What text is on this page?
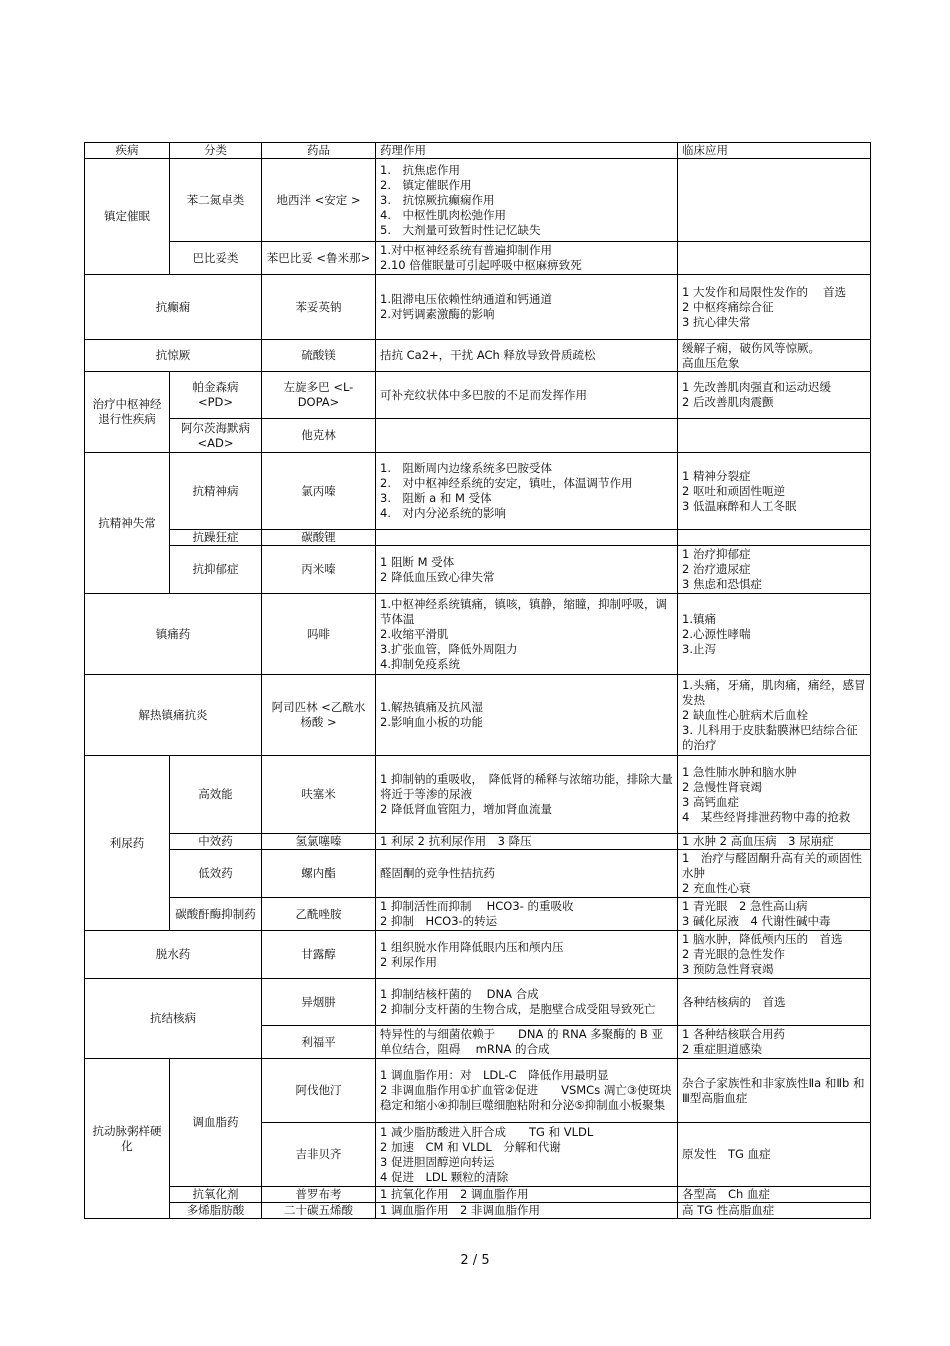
疾病	分类	药品	药理作用	临床应用
镇定催眠	苯二氮卓类	地西泮 <安定 >	1.　抗焦虑作用
2.　镇定催眠作用
3.　抗惊厥抗癫痫作用
4.　中枢性肌肉松弛作用
5.　大剂量可致暂时性记忆缺失	

	巴比妥类	苯巴比妥 <鲁米那>	1.对中枢神经系统有普遍抑制作用
2.10 倍催眠量可引起呼吸中枢麻痹致死	

抗癫痫		苯妥英钠	1.阻滞电压依赖性纳通道和钙通道
2.对钙调素激酶的影响	1 大发作和局限性发作的　 首选
2 中枢疼痛综合征
3 抗心律失常

抗惊厥		硫酸镁	拮抗 Ca2+，干扰 ACh 释放导致骨质疏松	缓解子痫，破伤风等惊厥。
高血压危象

治疗中枢神经退行性疾病	帕金森病 <PD>	左旋多巴 <L-DOPA>	可补充纹状体中多巴胺的不足而发挥作用	1 先改善肌肉强直和运动迟缓
2 后改善肌肉震颤

	阿尔茨海默病<AD>	他克林		
抗精神失常	抗精神病	氯丙嗪	1.　阻断周内边缘系统多巴胺受体
2.　对中枢神经系统的安定，镇吐，体温调节作用
3.　阻断 a 和 M 受体
4.　对内分泌系统的影响	1 精神分裂症
2 呕吐和顽固性呃逆
3 低温麻醉和人工冬眠

	抗躁狂症	碳酸锂		
	抗抑郁症	丙米嗪	1 阻断 M 受体
2 降低血压致心律失常	1 治疗抑郁症
2 治疗遗尿症
3 焦虑和恐惧症

镇痛药		吗啡	1.中枢神经系统镇痛，镇咳，镇静，缩瞳，抑制呼吸，调节体温
2.收缩平滑肌
3.扩张血管，降低外周阻力
4.抑制免疫系统	1.镇痛
2.心源性哮喘
3.止泻

解热镇痛抗炎		阿司匹林 <乙酰水杨酸 >	1.解热镇痛及抗风湿
2.影响血小板的功能	1.头痛，牙痛，肌肉痛，痛经，感冒发热
2 缺血性心脏病术后血栓
3. 儿科用于皮肤黏膜淋巴结综合征的治疗

利尿药	高效能	呋塞米	1 抑制钠的重吸收，　降低肾的稀释与浓缩功能，排除大量将近于等渗的尿液
2 降低肾血管阻力，增加肾血流量	1 急性肺水肿和脑水肿
2 急慢性肾衰竭
3 高钙血症
4　某些经肾排泄药物中毒的抢救

	中效药	氢氯噻嗪	1 利尿 2 抗利尿作用　3 降压	1 水肿 2 高血压病　3 尿崩症

	低效药	螺内酯	醛固酮的竞争性拮抗药	1　治疗与醛固酮升高有关的顽固性水肿
2 充血性心衰

	碳酸酐酶抑制药	乙酰唑胺	1 抑制活性而抑制　 HCO3- 的重吸收
2 抑制　HCO3-的转运	1 青光眼　2 急性高山病
3 碱化尿液　4 代谢性碱中毒

脱水药		甘露醇	1 组织脱水作用降低眼内压和颅内压
2 利尿作用	1 脑水肿，降低颅内压的　首选
2 青光眼的急性发作
3 预防急性肾衰竭

抗结核病		异烟肼	1 抑制结核杆菌的　 DNA 合成
2 抑制分支杆菌的生物合成，是胞壁合成受阻导致死亡	各种结核病的　首选

		利福平	特异性的与细菌依赖于　　DNA 的 RNA 多聚酶的 B 亚单位结合，阻碍　 mRNA 的合成	1 各种结核联合用药
2 重症胆道感染

抗动脉粥样硬化	调血脂药	阿伐他汀	1 调血脂作用：对　LDL-C　降低作用最明显
2 非调血脂作用①扩血管②促进　　VSMCs 凋亡③使斑块稳定和缩小④抑制巨噬细胞粘附和分泌⑤抑制血小板聚集	杂合子家族性和非家族性Ⅱa 和Ⅱb 和Ⅲ型高脂血症

		吉非贝齐	1 减少脂肪酸进入肝合成　　TG 和 VLDL
2 加速　CM 和 VLDL　分解和代谢
3 促进胆固醇逆向转运
4 促进　LDL 颗粒的清除	原发性　TG 血症

	抗氧化剂	普罗布考	1 抗氧化作用　2 调血脂作用	各型高　Ch 血症

	多烯脂肪酸	二十碳五烯酸	1 调血脂作用　2 非调血脂作用	高 TG 性高脂血症
2 / 5
